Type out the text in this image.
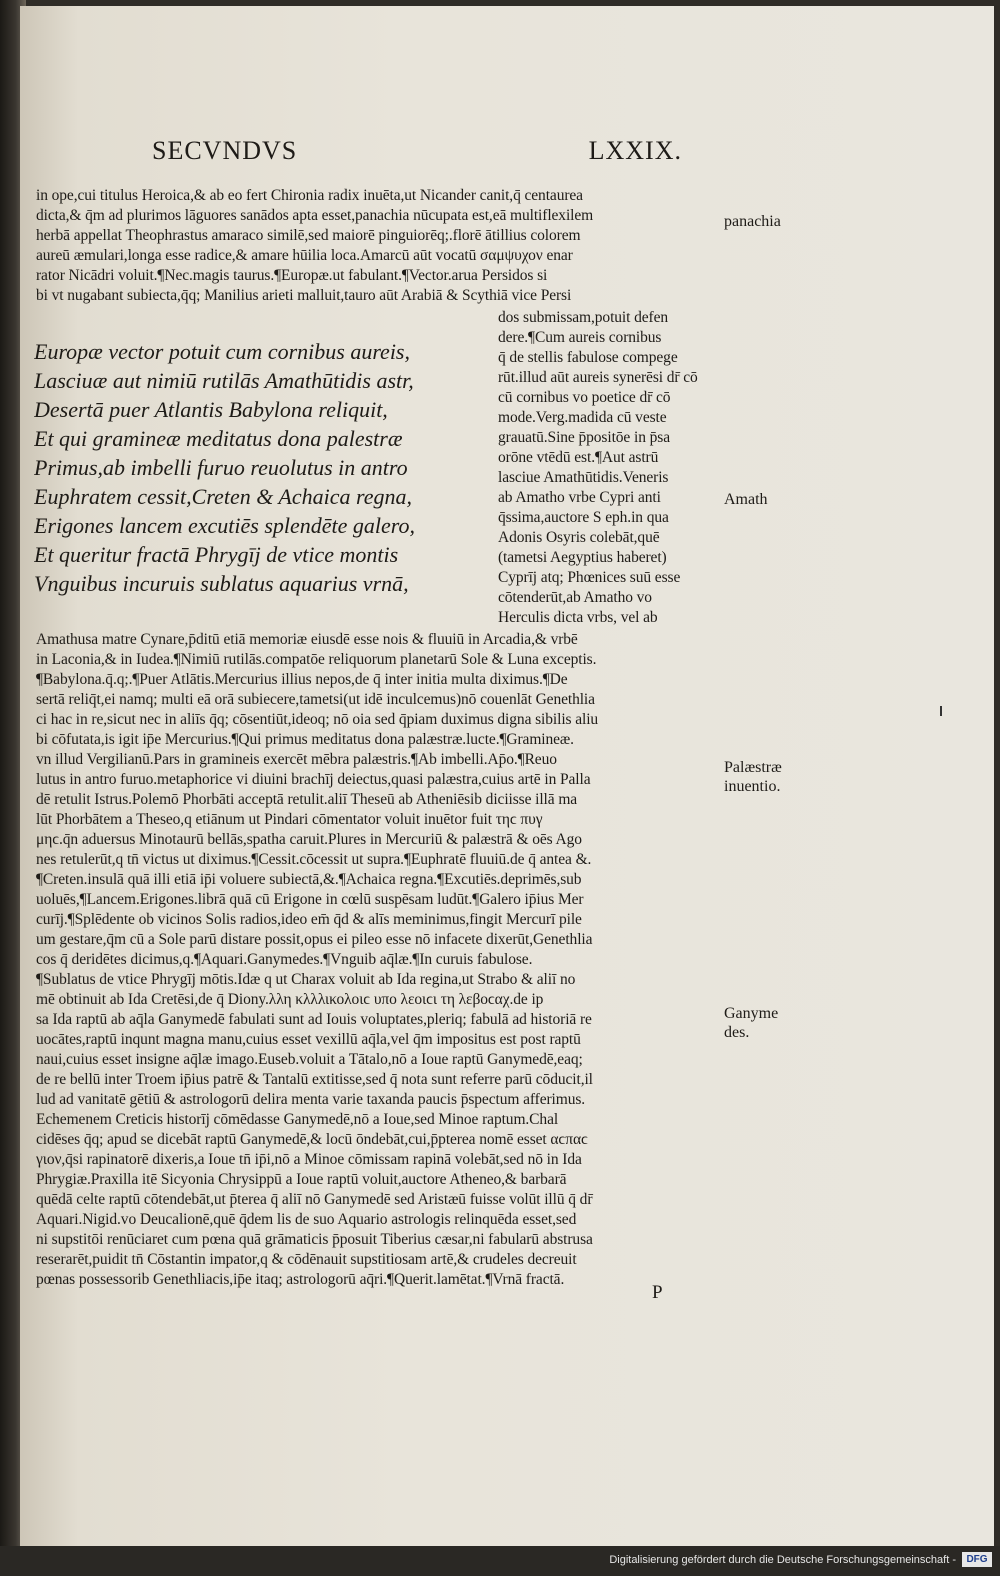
SECVNDVS	LXXIX.
in ope,cui titulus Heroica,& ab eo fert Chironia radix inuēta,ut Nicander canit,q̄ centaurea
dicta,& q̄m ad plurimos lāguores sanādos apta esset,panachia nūcupata est,eā multiflexilem
herbā appellat Theophrastus amaraco similē,sed maiorē pinguiorēq;.florē ātillius colorem
aureū æmulari,longa esse radice,& amare hūilia loca.Amarcū aūt vocatū σαμψυχον enar
rator Nicādri voluit.¶Nec.magis taurus.¶Europæ.ut fabulant.¶Vector.arua Persidos si
bi vt nugabant subiecta,q̄q; Manilius arieti malluit,tauro aūt Arabiā & Scythiā vice Persi
Europæ vector potuit cum cornibus aureis,
Lasciuæ aut nimiū rutilās Amathūtidis astr,
Desertā puer Atlantis Babylona reliquit,
Et qui gramineæ meditatus dona palestræ
Primus,ab imbelli furuo reuolutus in antro
Euphratem cessit,Creten & Achaica regna,
Erigones lancem excutiēs splendēte galero,
Et queritur fractā Phrygīj de vtice montis
Vnguibus incuruis sublatus aquarius vrnā,
dos submissam,potuit defen
dere.¶Cum aureis cornibus
q̄ de stellis fabulose compege
rūt.illud aūt aureis synerēsi dr̄ cō
cū cornibus vo poetice dr̄ cō
mode.Verg.madida cū veste
grauatū.Sine p̄positōe in p̄sa
orōne vtēdū est.¶Aut astrū
lasciue Amathūtidis.Veneris
ab Amatho vrbe Cypri anti
q̄ssima,auctore S eph.in qua
Adonis Osyris colebāt,quē
(tametsi Aegyptius haberet)
Cyprīj atq; Phœnices suū esse
cōtenderūt,ab Amatho vo
Herculis dicta vrbs, vel ab
Amathusa matre Cynare,p̄ditū etiā memoriæ eiusdē esse nois & fluuiū in Arcadia,& vrbē
in Laconia,& in Iudea.¶Nimiū rutilās.compatōe reliquorum planetarū Sole & Luna exceptis.
¶Babylona.q̄.q;.¶Puer Atlātis.Mercurius illius nepos,de q̄ inter initia multa diximus.¶De
sertā reliq̄t,ei namq; multi eā orā subiecere,tametsi(ut idē inculcemus)nō couenlāt Genethlia
ci hac in re,sicut nec in aliīs q̄q; cōsentiūt,ideoq; nō oia sed q̄piam duximus digna sibilis aliu
bi cōfutata,is igit ip̄e Mercurius.¶Qui primus meditatus dona palæstræ.lucte.¶Gramineæ.
vn illud Vergilianū.Pars in gramineis exercēt mēbra palæstris.¶Ab imbelli.Ap̄o.¶Reuo
lutus in antro furuo.metaphorice vi diuini brachīj deiectus,quasi palæstra,cuius artē in Palla
dē retulit Istrus.Polemō Phorbāti acceptā retulit.aliī Theseū ab Atheniēsib diciisse illā ma
lūt Phorbātem a Theseo,q etiānum ut Pindari cōmentator voluit inuētor fuit τηϲ πυγ
μηϲ.q̄n aduersus Minotaurū bellās,spatha caruit.Plures in Mercuriū & palæstrā & oēs Ago
nes retulerūt,q tn̄ victus ut diximus.¶Cessit.cōcessit ut supra.¶Euphratē fluuiū.de q̄ antea &.
¶Creten.insulā quā illi etiā ip̄i voluere subiectā,&.¶Achaica regna.¶Excutiēs.deprimēs,sub
uoluēs,¶Lancem.Erigones.librā quā cū Erigone in cœlū suspēsam ludūt.¶Galero ip̄ius Mer
curīj.¶Splēdente ob vicinos Solis radios,ideo em̄ q̄d & alīs meminimus,fingit Mercurī pile
um gestare,q̄m cū a Sole parū distare possit,opus ei pileo esse nō infacete dixerūt,Genethlia
cos q̄ deridētes dicimus,q.¶Aquari.Ganymedes.¶Vnguib aq̄læ.¶In curuis fabulose.
¶Sublatus de vtice Phrygīj mōtis.Idæ q ut Charax voluit ab Ida regina,ut Strabo & aliī no
mē obtinuit ab Ida Cretēsi,de q̄ Diony.λλη κλλλικολοιϲ υπο λεοιϲι τη λεβοϲαχ.de ip
sa Ida raptū ab aq̄la Ganymedē fabulati sunt ad Iouis voluptates,pleriq; fabulā ad historiā re
uocātes,raptū inqunt magna manu,cuius esset vexillū aq̄la,vel q̄m impositus est post raptū
naui,cuius esset insigne aq̄læ imago.Euseb.voluit a Tātalo,nō a Ioue raptū Ganymedē,eaq;
de re bellū inter Troem ip̄ius patrē & Tantalū extitisse,sed q̄ nota sunt referre parū cōducit,il
lud ad vanitatē gētiū & astrologorū delira menta varie taxanda paucis p̄spectum afferimus.
Echemenem Creticis historīj cōmēdasse Ganymedē,nō a Ioue,sed Minoe raptum.Chal
cidēses q̄q; apud se dicebāt raptū Ganymedē,& locū ōndebāt,cui,p̄pterea nomē esset αϲπαϲ
γιον,q̄si rapinatorē dixeris,a Ioue tn̄ ip̄i,nō a Minoe cōmissam rapinā volebāt,sed nō in Ida
Phrygiæ.Praxilla itē Sicyonia Chrysippū a Ioue raptū voluit,auctore Atheneo,& barbarā
quēdā celte raptū cōtendebāt,ut p̄terea q̄ aliī nō Ganymedē sed Aristæū fuisse volūt illū q̄ dr̄
Aquari.Nigid.vo Deucalionē,quē q̄dem lis de suo Aquario astrologis relinquēda esset,sed
ni supstitōi renūciaret cum pœna quā grāmaticis p̄posuit Tiberius cæsar,ni fabularū abstrusa
reserarēt,puidit tn̄ Cōstantin impator,q & cōdēnauit supstitiosam artē,& crudeles decreuit
pœnas possessorib Genethliacis,ip̄e itaq; astrologorū aq̄ri.¶Querit.lamētat.¶Vrnā fractā.
panachia
Amath
Palæstræ
inuentio.
Ganyme
des.
P
Digitalisierung gefördert durch die Deutsche Forschungsgemeinschaft -	DFG
